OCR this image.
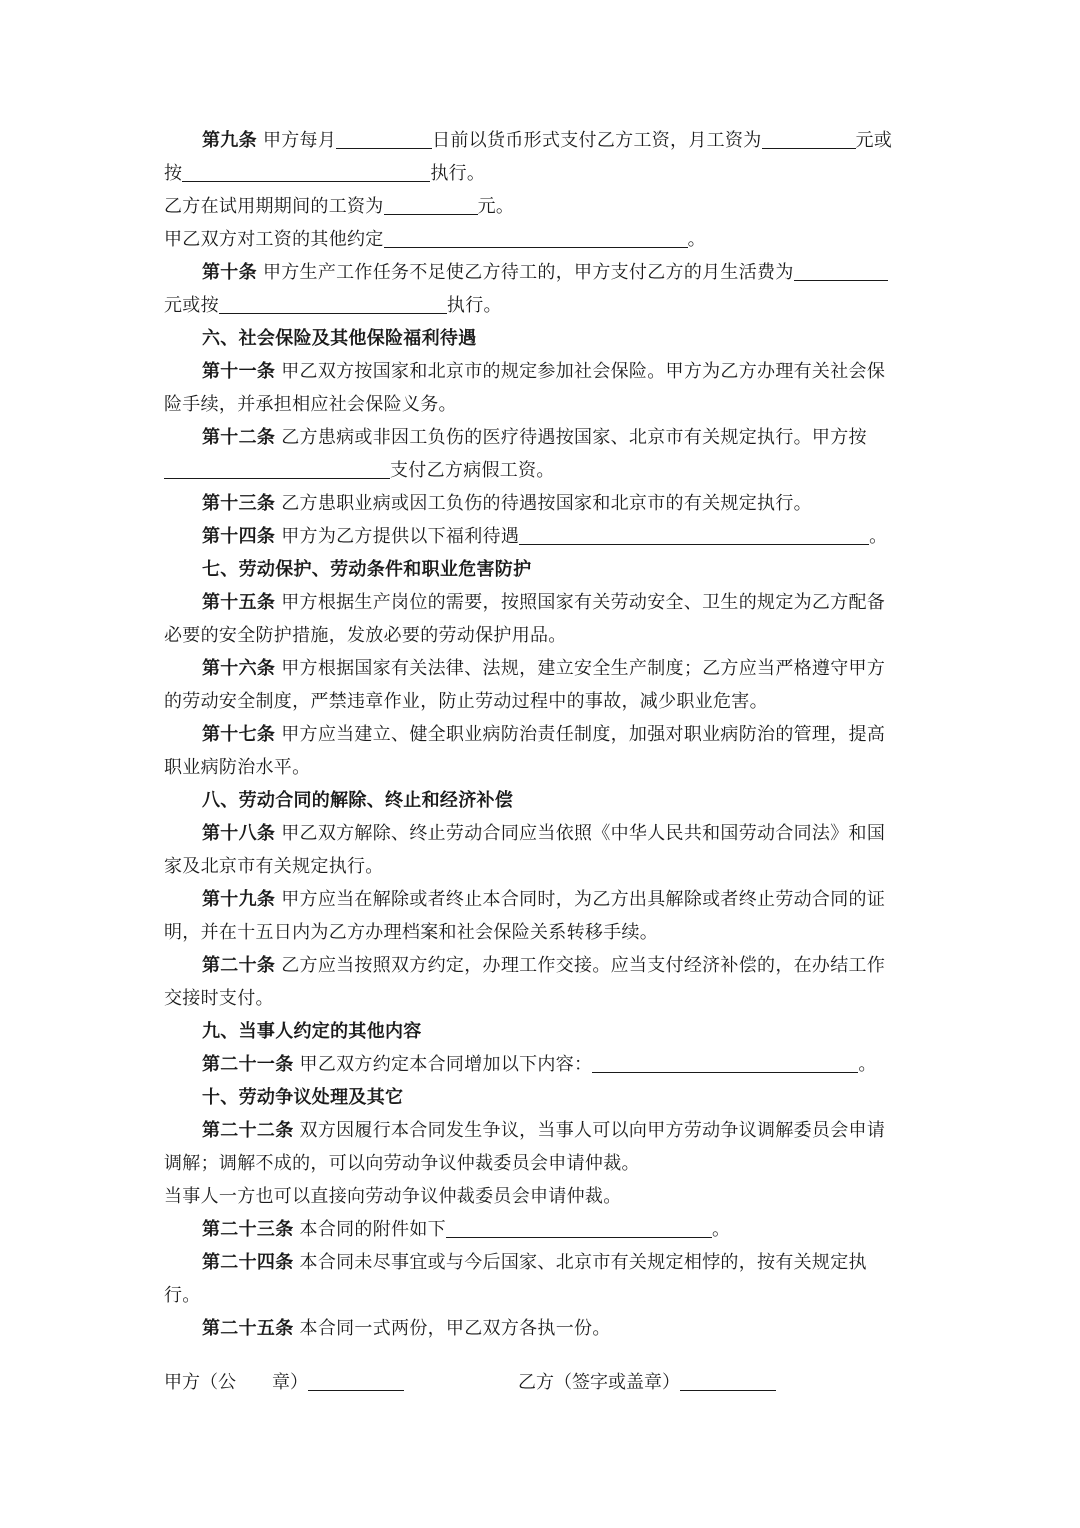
第九条 甲方每月	日前以货币形式支付乙方工资，月工资为	元或
按	执行。
乙方在试用期期间的工资为	元。
甲乙双方对工资的其他约定	。
第十条 甲方生产工作任务不足使乙方待工的，甲方支付乙方的月生活费为
元或按	执行。
六、社会保险及其他保险福利待遇
第十一条 甲乙双方按国家和北京市的规定参加社会保险。甲方为乙方办理有关社会保
险手续，并承担相应社会保险义务。
第十二条 乙方患病或非因工负伤的医疗待遇按国家、北京市有关规定执行。甲方按
支付乙方病假工资。
第十三条 乙方患职业病或因工负伤的待遇按国家和北京市的有关规定执行。
第十四条 甲方为乙方提供以下福利待遇	。
七、劳动保护、劳动条件和职业危害防护
第十五条 甲方根据生产岗位的需要，按照国家有关劳动安全、卫生的规定为乙方配备
必要的安全防护措施，发放必要的劳动保护用品。
第十六条 甲方根据国家有关法律、法规，建立安全生产制度；乙方应当严格遵守甲方
的劳动安全制度，严禁违章作业，防止劳动过程中的事故，减少职业危害。
第十七条 甲方应当建立、健全职业病防治责任制度，加强对职业病防治的管理，提高
职业病防治水平。
八、劳动合同的解除、终止和经济补偿
第十八条 甲乙双方解除、终止劳动合同应当依照《中华人民共和国劳动合同法》和国
家及北京市有关规定执行。
第十九条 甲方应当在解除或者终止本合同时，为乙方出具解除或者终止劳动合同的证
明，并在十五日内为乙方办理档案和社会保险关系转移手续。
第二十条 乙方应当按照双方约定，办理工作交接。应当支付经济补偿的，在办结工作
交接时支付。
九、当事人约定的其他内容
第二十一条 甲乙双方约定本合同增加以下内容：	。
十、劳动争议处理及其它
第二十二条 双方因履行本合同发生争议，当事人可以向甲方劳动争议调解委员会申请
调解；调解不成的，可以向劳动争议仲裁委员会申请仲裁。
当事人一方也可以直接向劳动争议仲裁委员会申请仲裁。
第二十三条 本合同的附件如下	。
第二十四条 本合同未尽事宜或与今后国家、北京市有关规定相悖的，按有关规定执
行。
第二十五条 本合同一式两份，甲乙双方各执一份。
甲方（公　　章）	乙方（签字或盖章）
